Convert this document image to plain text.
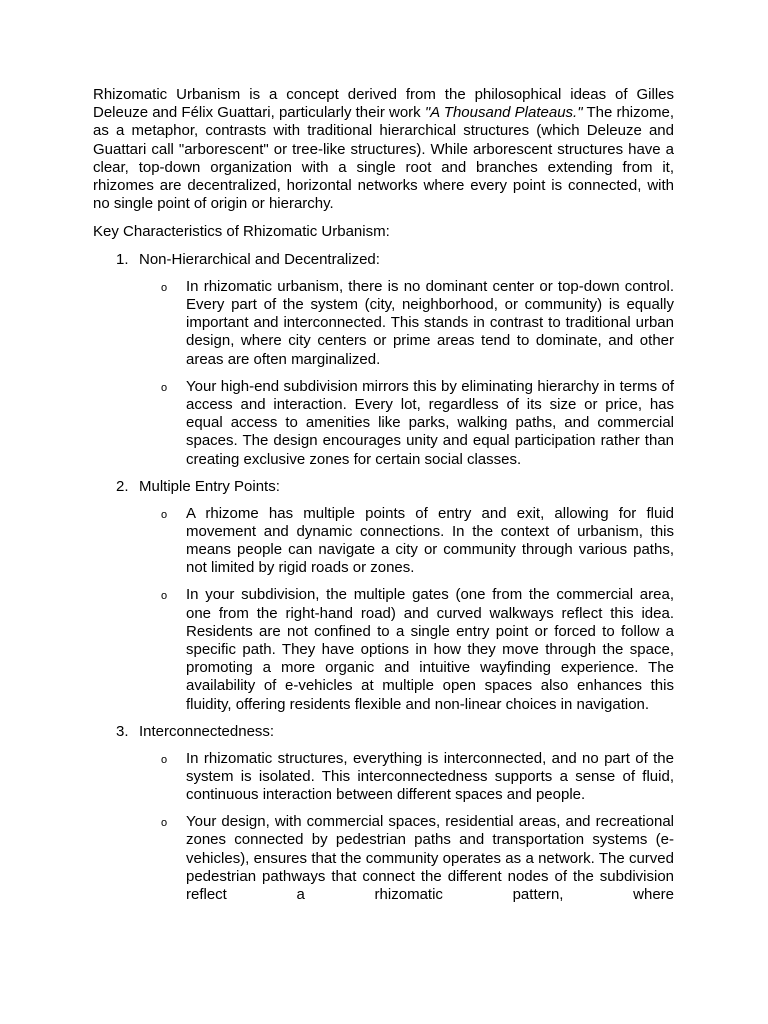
Rhizomatic Urbanism is a concept derived from the philosophical ideas of Gilles Deleuze and Félix Guattari, particularly their work "A Thousand Plateaus." The rhizome, as a metaphor, contrasts with traditional hierarchical structures (which Deleuze and Guattari call "arborescent" or tree-like structures). While arborescent structures have a clear, top-down organization with a single root and branches extending from it, rhizomes are decentralized, horizontal networks where every point is connected, with no single point of origin or hierarchy.

Key Characteristics of Rhizomatic Urbanism:

1. Non-Hierarchical and Decentralized:
o In rhizomatic urbanism, there is no dominant center or top-down control. Every part of the system (city, neighborhood, or community) is equally important and interconnected. This stands in contrast to traditional urban design, where city centers or prime areas tend to dominate, and other areas are often marginalized.
o Your high-end subdivision mirrors this by eliminating hierarchy in terms of access and interaction. Every lot, regardless of its size or price, has equal access to amenities like parks, walking paths, and commercial spaces. The design encourages unity and equal participation rather than creating exclusive zones for certain social classes.
2. Multiple Entry Points:
o A rhizome has multiple points of entry and exit, allowing for fluid movement and dynamic connections. In the context of urbanism, this means people can navigate a city or community through various paths, not limited by rigid roads or zones.
o In your subdivision, the multiple gates (one from the commercial area, one from the right-hand road) and curved walkways reflect this idea. Residents are not confined to a single entry point or forced to follow a specific path. They have options in how they move through the space, promoting a more organic and intuitive wayfinding experience. The availability of e-vehicles at multiple open spaces also enhances this fluidity, offering residents flexible and non-linear choices in navigation.
3. Interconnectedness:
o In rhizomatic structures, everything is interconnected, and no part of the system is isolated. This interconnectedness supports a sense of fluid, continuous interaction between different spaces and people.
o Your design, with commercial spaces, residential areas, and recreational zones connected by pedestrian paths and transportation systems (e-vehicles), ensures that the community operates as a network. The curved pedestrian pathways that connect the different nodes of the subdivision reflect a rhizomatic pattern, where
